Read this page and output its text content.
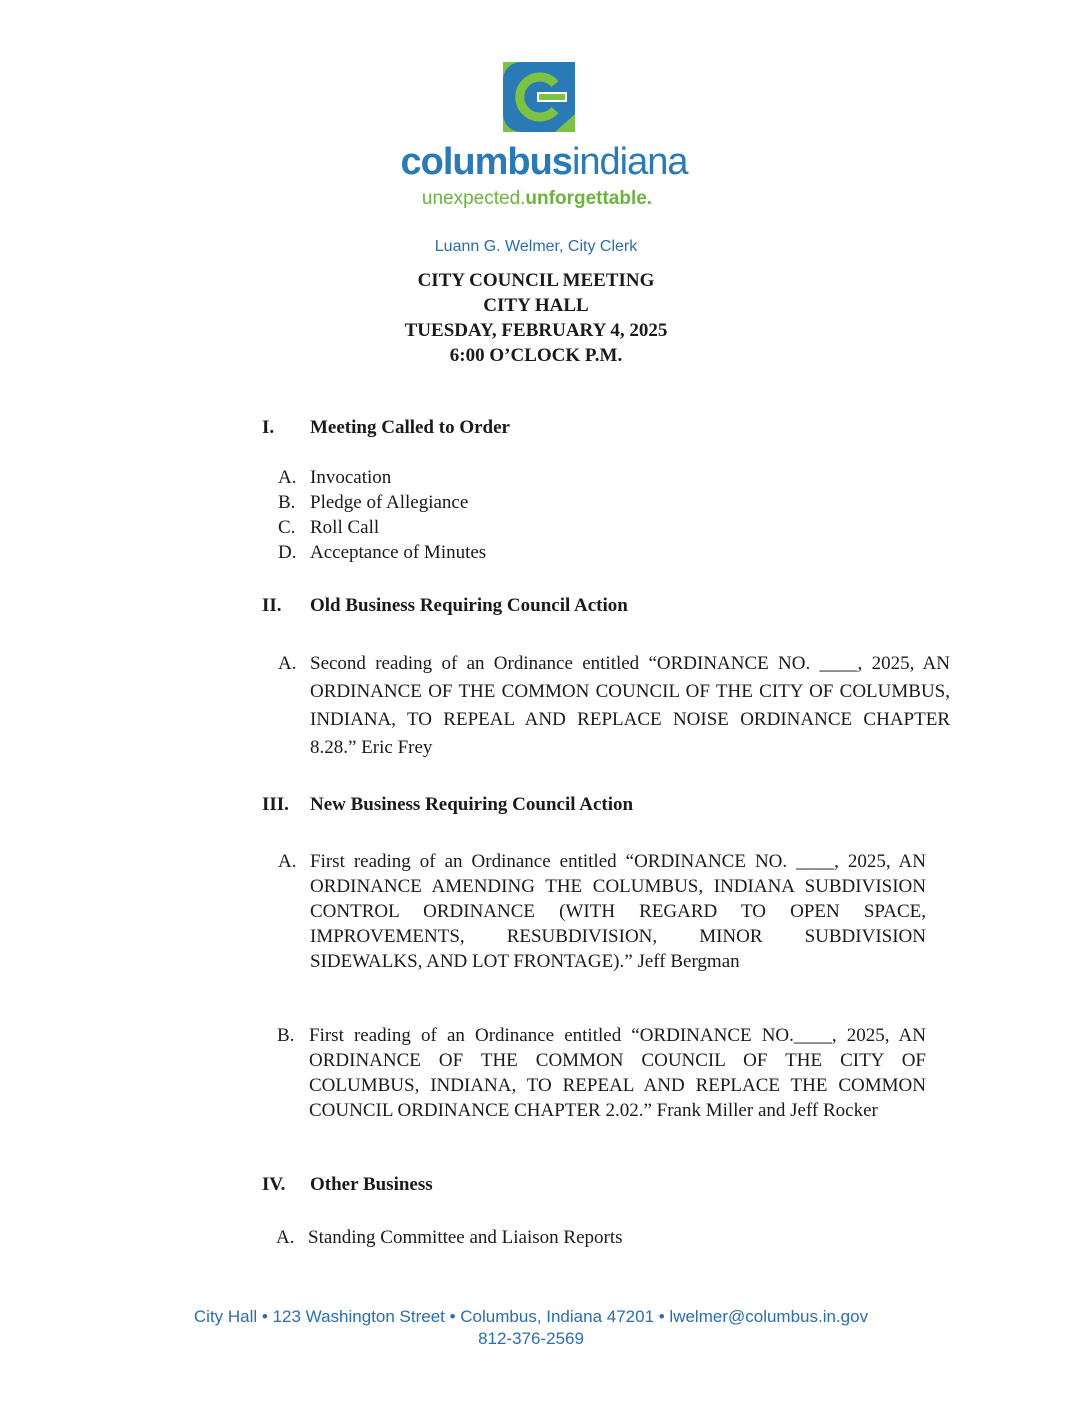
columbusindiana
unexpected.unforgettable.
Luann G. Welmer, City Clerk
CITY COUNCIL MEETING
CITY HALL
TUESDAY, FEBRUARY 4, 2025
6:00 O’CLOCK P.M.
I. Meeting Called to Order
A. Invocation
B. Pledge of Allegiance
C. Roll Call
D. Acceptance of Minutes
II. Old Business Requiring Council Action
A. Second reading of an Ordinance entitled “ORDINANCE NO. ____, 2025, AN ORDINANCE OF THE COMMON COUNCIL OF THE CITY OF COLUMBUS, INDIANA, TO REPEAL AND REPLACE NOISE ORDINANCE CHAPTER 8.28.” Eric Frey
III. New Business Requiring Council Action
A. First reading of an Ordinance entitled “ORDINANCE NO. ____, 2025, AN ORDINANCE AMENDING THE COLUMBUS, INDIANA SUBDIVISION CONTROL ORDINANCE (WITH REGARD TO OPEN SPACE, IMPROVEMENTS, RESUBDIVISION, MINOR SUBDIVISION SIDEWALKS, AND LOT FRONTAGE).” Jeff Bergman
B. First reading of an Ordinance entitled “ORDINANCE NO.____, 2025, AN ORDINANCE OF THE COMMON COUNCIL OF THE CITY OF COLUMBUS, INDIANA, TO REPEAL AND REPLACE THE COMMON COUNCIL ORDINANCE CHAPTER 2.02.” Frank Miller and Jeff Rocker
IV. Other Business
A. Standing Committee and Liaison Reports
City Hall • 123 Washington Street • Columbus, Indiana 47201 • lwelmer@columbus.in.gov
812-376-2569
